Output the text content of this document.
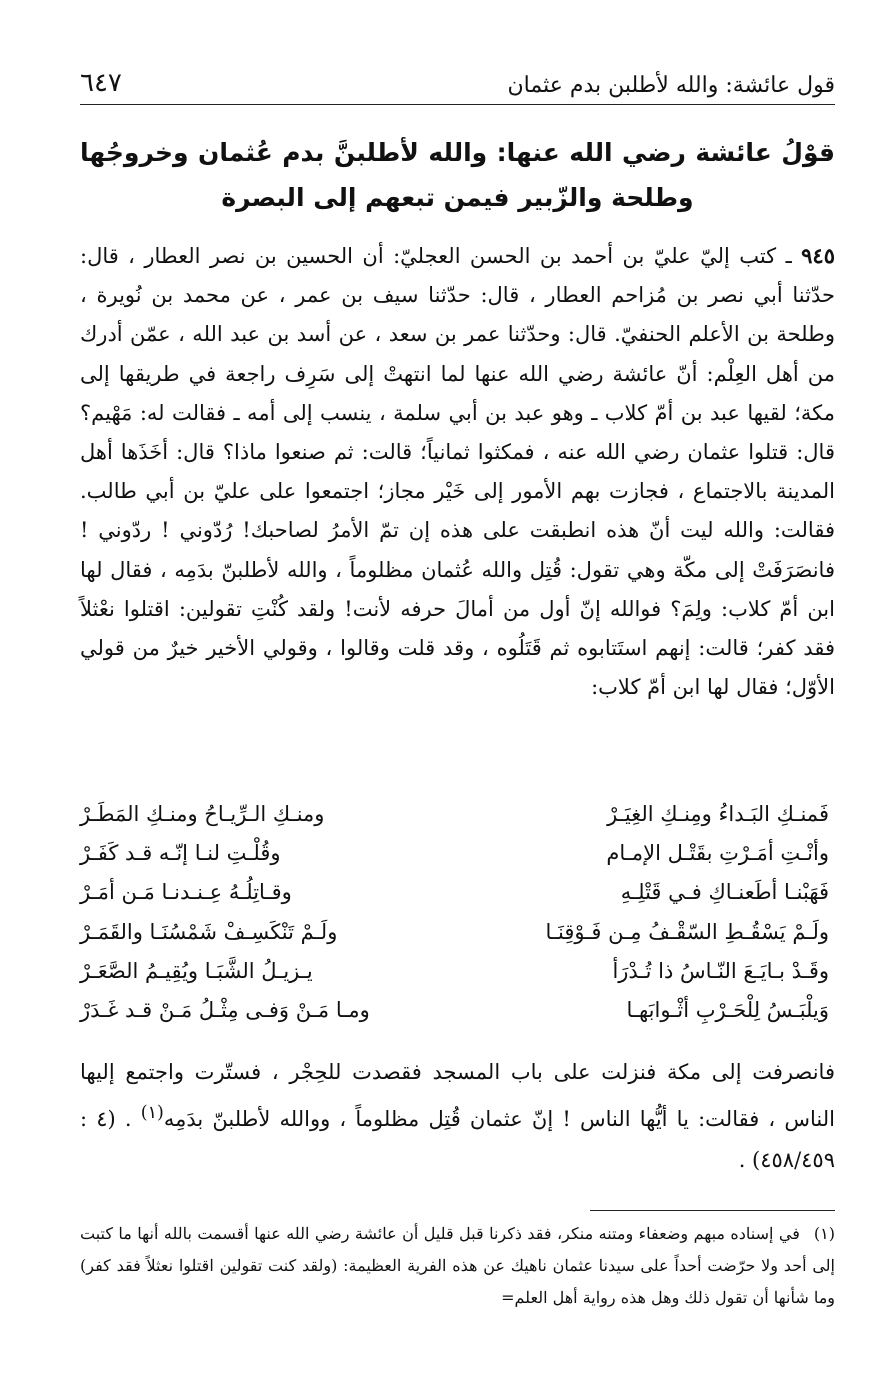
قول عائشة: والله لأطلبن بدم عثمان
٦٤٧
قوْلُ عائشة رضي الله عنها: والله لأطلبنَّ بدم عُثمان وخروجُها وطلحة والزّبير فيمن تبعهم إلى البصرة
٩٤٥ ـ كتب إليّ عليّ بن أحمد بن الحسن العجليّ: أن الحسين بن نصر العطار ، قال: حدّثنا أبي نصر بن مُزاحم العطار ، قال: حدّثنا سيف بن عمر ، عن محمد بن نُويرة ، وطلحة بن الأعلم الحنفيّ. قال: وحدّثنا عمر بن سعد ، عن أسد بن عبد الله ، عمّن أدرك من أهل العِلْم: أنّ عائشة رضي الله عنها لما انتهتْ إلى سَرِف راجعة في طريقها إلى مكة؛ لقيها عبد بن أمّ كلاب ـ وهو عبد بن أبي سلمة ، ينسب إلى أمه ـ فقالت له: مَهْيم؟ قال: قتلوا عثمان رضي الله عنه ، فمكثوا ثمانياً؛ قالت: ثم صنعوا ماذا؟ قال: أخَذَها أهل المدينة بالاجتماع ، فجازت بهم الأمور إلى خَيْر مجاز؛ اجتمعوا على عليّ بن أبي طالب. فقالت: والله ليت أنّ هذه انطبقت على هذه إن تمّ الأمرُ لصاحبك! رُدّوني ! ردّوني ! فانصَرَفَتْ إلى مكّة وهي تقول: قُتِل والله عُثمان مظلوماً ، والله لأطلبنّ بدَمِه ، فقال لها ابن أمّ كلاب: ولِمَ؟ فوالله إنّ أول من أمالَ حرفه لأنت! ولقد كُنْتِ تقولين: اقتلوا نعْثلاً فقد كفر؛ قالت: إنهم استَتابوه ثم قَتَلُوه ، وقد قلت وقالوا ، وقولي الأخير خيرٌ من قولي الأوّل؛ فقال لها ابن أمّ كلاب:
فَمنـكِ البَـداءُ ومِنـكِ الغِيَـرْ
ومنـكِ الـرِّيـاحُ ومنـكِ المَطَـرْ
وأنْـتِ أمَـرْتِ بقَتْـل الإمـام
وقُلْـتِ لنـا إنّـه قـد كَفَـرْ
فَهَبْنـا أطَعنـاكِ فـي قَتْلِـهِ
وقـاتِلُـهُ عِـنـدنـا مَـن أمَـرْ
ولَـمْ يَسْقُـطِ السّقْـفُ مِـن فَـوْقِنَـا
ولَـمْ تَنْكَسِـفْ شَمْسُنَـا والقَمَـرْ
وقَـدْ بـايَـعَ النّـاسُ ذا تُـدْرَأ
يـزيـلُ الشَّبَـا ويُقِيـمُ الصَّعَـرْ
وَيلْبَـسُ لِلْحَـرْبِ أثْـوابَهـا
ومـا مَـنْ وَفـى مِثْـلُ مَـنْ قـد غَـدَرْ
فانصرفت إلى مكة فنزلت على باب المسجد فقصدت للحِجْر ، فستّرت واجتمع إليها الناس ، فقالت: يا أيُّها الناس ! إنّ عثمان قُتِل مظلوماً ، ووالله لأطلبنّ بدَمِه$^{(١)}$ . (٤ : ٤٥٨/٤٥٩) .
(١)في إسناده مبهم وضعفاء ومتنه منكر، فقد ذكرنا قبل قليل أن عائشة رضي الله عنها أقسمت بالله أنها ما كتبت إلى أحد ولا حرّضت أحداً على سيدنا عثمان ناهيك عن هذه الفرية العظيمة: (ولقد كنت تقولين اقتلوا نعثلاً فقد كفر) وما شأنها أن تقول ذلك وهل هذه رواية أهل العلم=
